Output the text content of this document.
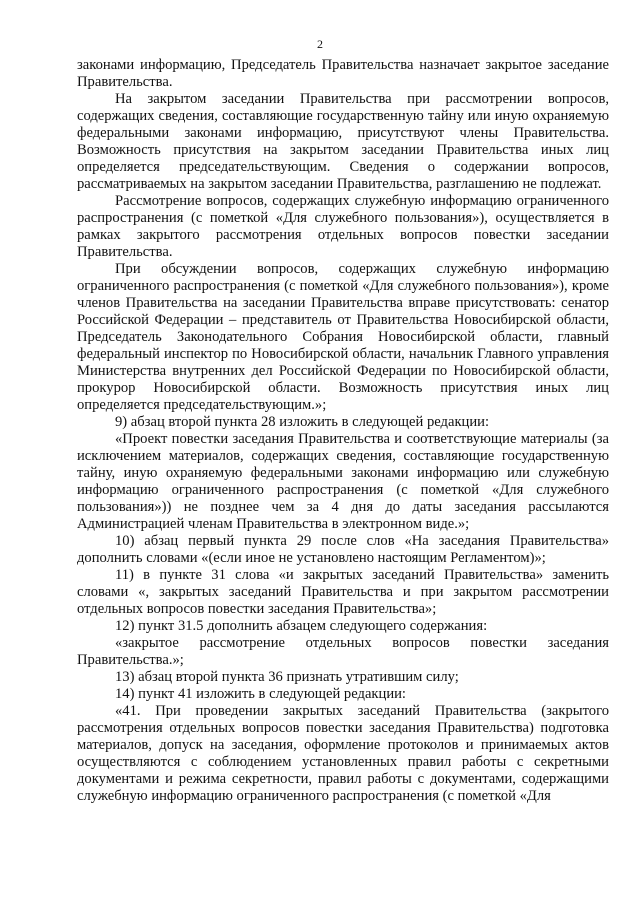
2

законами информацию, Председатель Правительства назначает закрытое заседание Правительства.

На закрытом заседании Правительства при рассмотрении вопросов, содержащих сведения, составляющие государственную тайну или иную охраняемую федеральными законами информацию, присутствуют члены Правительства. Возможность присутствия на закрытом заседании Правительства иных лиц определяется председательствующим. Сведения о содержании вопросов, рассматриваемых на закрытом заседании Правительства, разглашению не подлежат.

Рассмотрение вопросов, содержащих служебную информацию ограниченного распространения (с пометкой «Для служебного пользования»), осуществляется в рамках закрытого рассмотрения отдельных вопросов повестки заседании Правительства.

При обсуждении вопросов, содержащих служебную информацию ограниченного распространения (с пометкой «Для служебного пользования»), кроме членов Правительства на заседании Правительства вправе присутствовать: сенатор Российской Федерации – представитель от Правительства Новосибирской области, Председатель Законодательного Собрания Новосибирской области, главный федеральный инспектор по Новосибирской области, начальник Главного управления Министерства внутренних дел Российской Федерации по Новосибирской области, прокурор Новосибирской области. Возможность присутствия иных лиц определяется председательствующим.»;

9) абзац второй пункта 28 изложить в следующей редакции:

«Проект повестки заседания Правительства и соответствующие материалы (за исключением материалов, содержащих сведения, составляющие государственную тайну, иную охраняемую федеральными законами информацию или служебную информацию ограниченного распространения (с пометкой «Для служебного пользования»)) не позднее чем за 4 дня до даты заседания рассылаются Администрацией членам Правительства в электронном виде.»;

10) абзац первый пункта 29 после слов «На заседания Правительства» дополнить словами «(если иное не установлено настоящим Регламентом)»;

11) в пункте 31 слова «и закрытых заседаний Правительства» заменить словами «, закрытых заседаний Правительства и при закрытом рассмотрении отдельных вопросов повестки заседания Правительства»;

12) пункт 31.5 дополнить абзацем следующего содержания:

«закрытое рассмотрение отдельных вопросов повестки заседания Правительства.»;

13) абзац второй пункта 36 признать утратившим силу;

14) пункт 41 изложить в следующей редакции:

«41. При проведении закрытых заседаний Правительства (закрытого рассмотрения отдельных вопросов повестки заседания Правительства) подготовка материалов, допуск на заседания, оформление протоколов и принимаемых актов осуществляются с соблюдением установленных правил работы с секретными документами и режима секретности, правил работы с документами, содержащими служебную информацию ограниченного распространения (с пометкой «Для
